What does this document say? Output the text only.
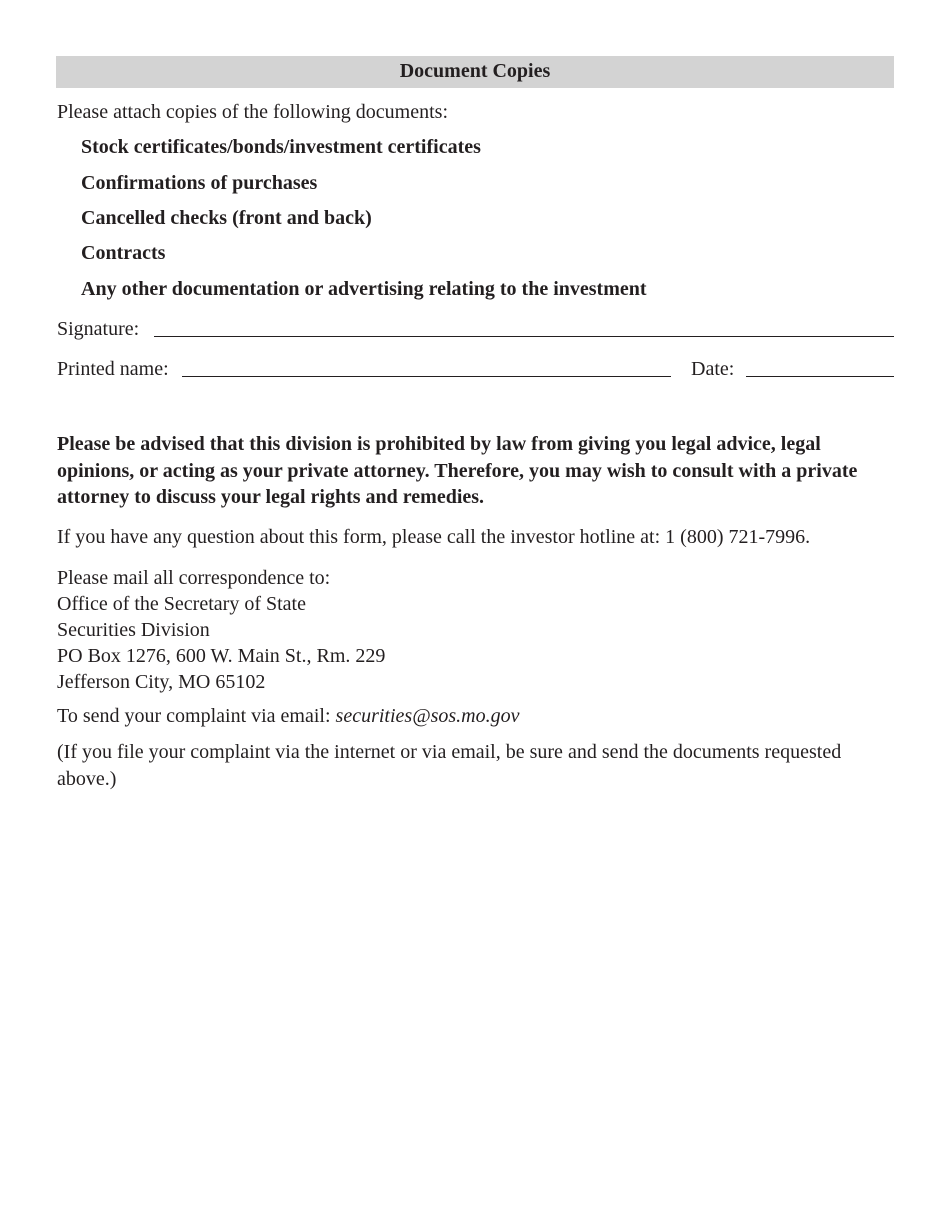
Document Copies
Please attach copies of the following documents:
Stock certificates/bonds/investment certificates
Confirmations of purchases
Cancelled checks (front and back)
Contracts
Any other documentation or advertising relating to the investment
Signature:
Printed name:	Date:
Please be advised that this division is prohibited by law from giving you legal advice, legal opinions, or acting as your private attorney. Therefore, you may wish to consult with a private attorney to discuss your legal rights and remedies.
If you have any question about this form, please call the investor hotline at: 1 (800) 721-7996.
Please mail all correspondence to:
Office of the Secretary of State
Securities Division
PO Box 1276, 600 W. Main St., Rm. 229
Jefferson City, MO 65102
To send your complaint via email: securities@sos.mo.gov
(If you file your complaint via the internet or via email, be sure and send the documents requested above.)
